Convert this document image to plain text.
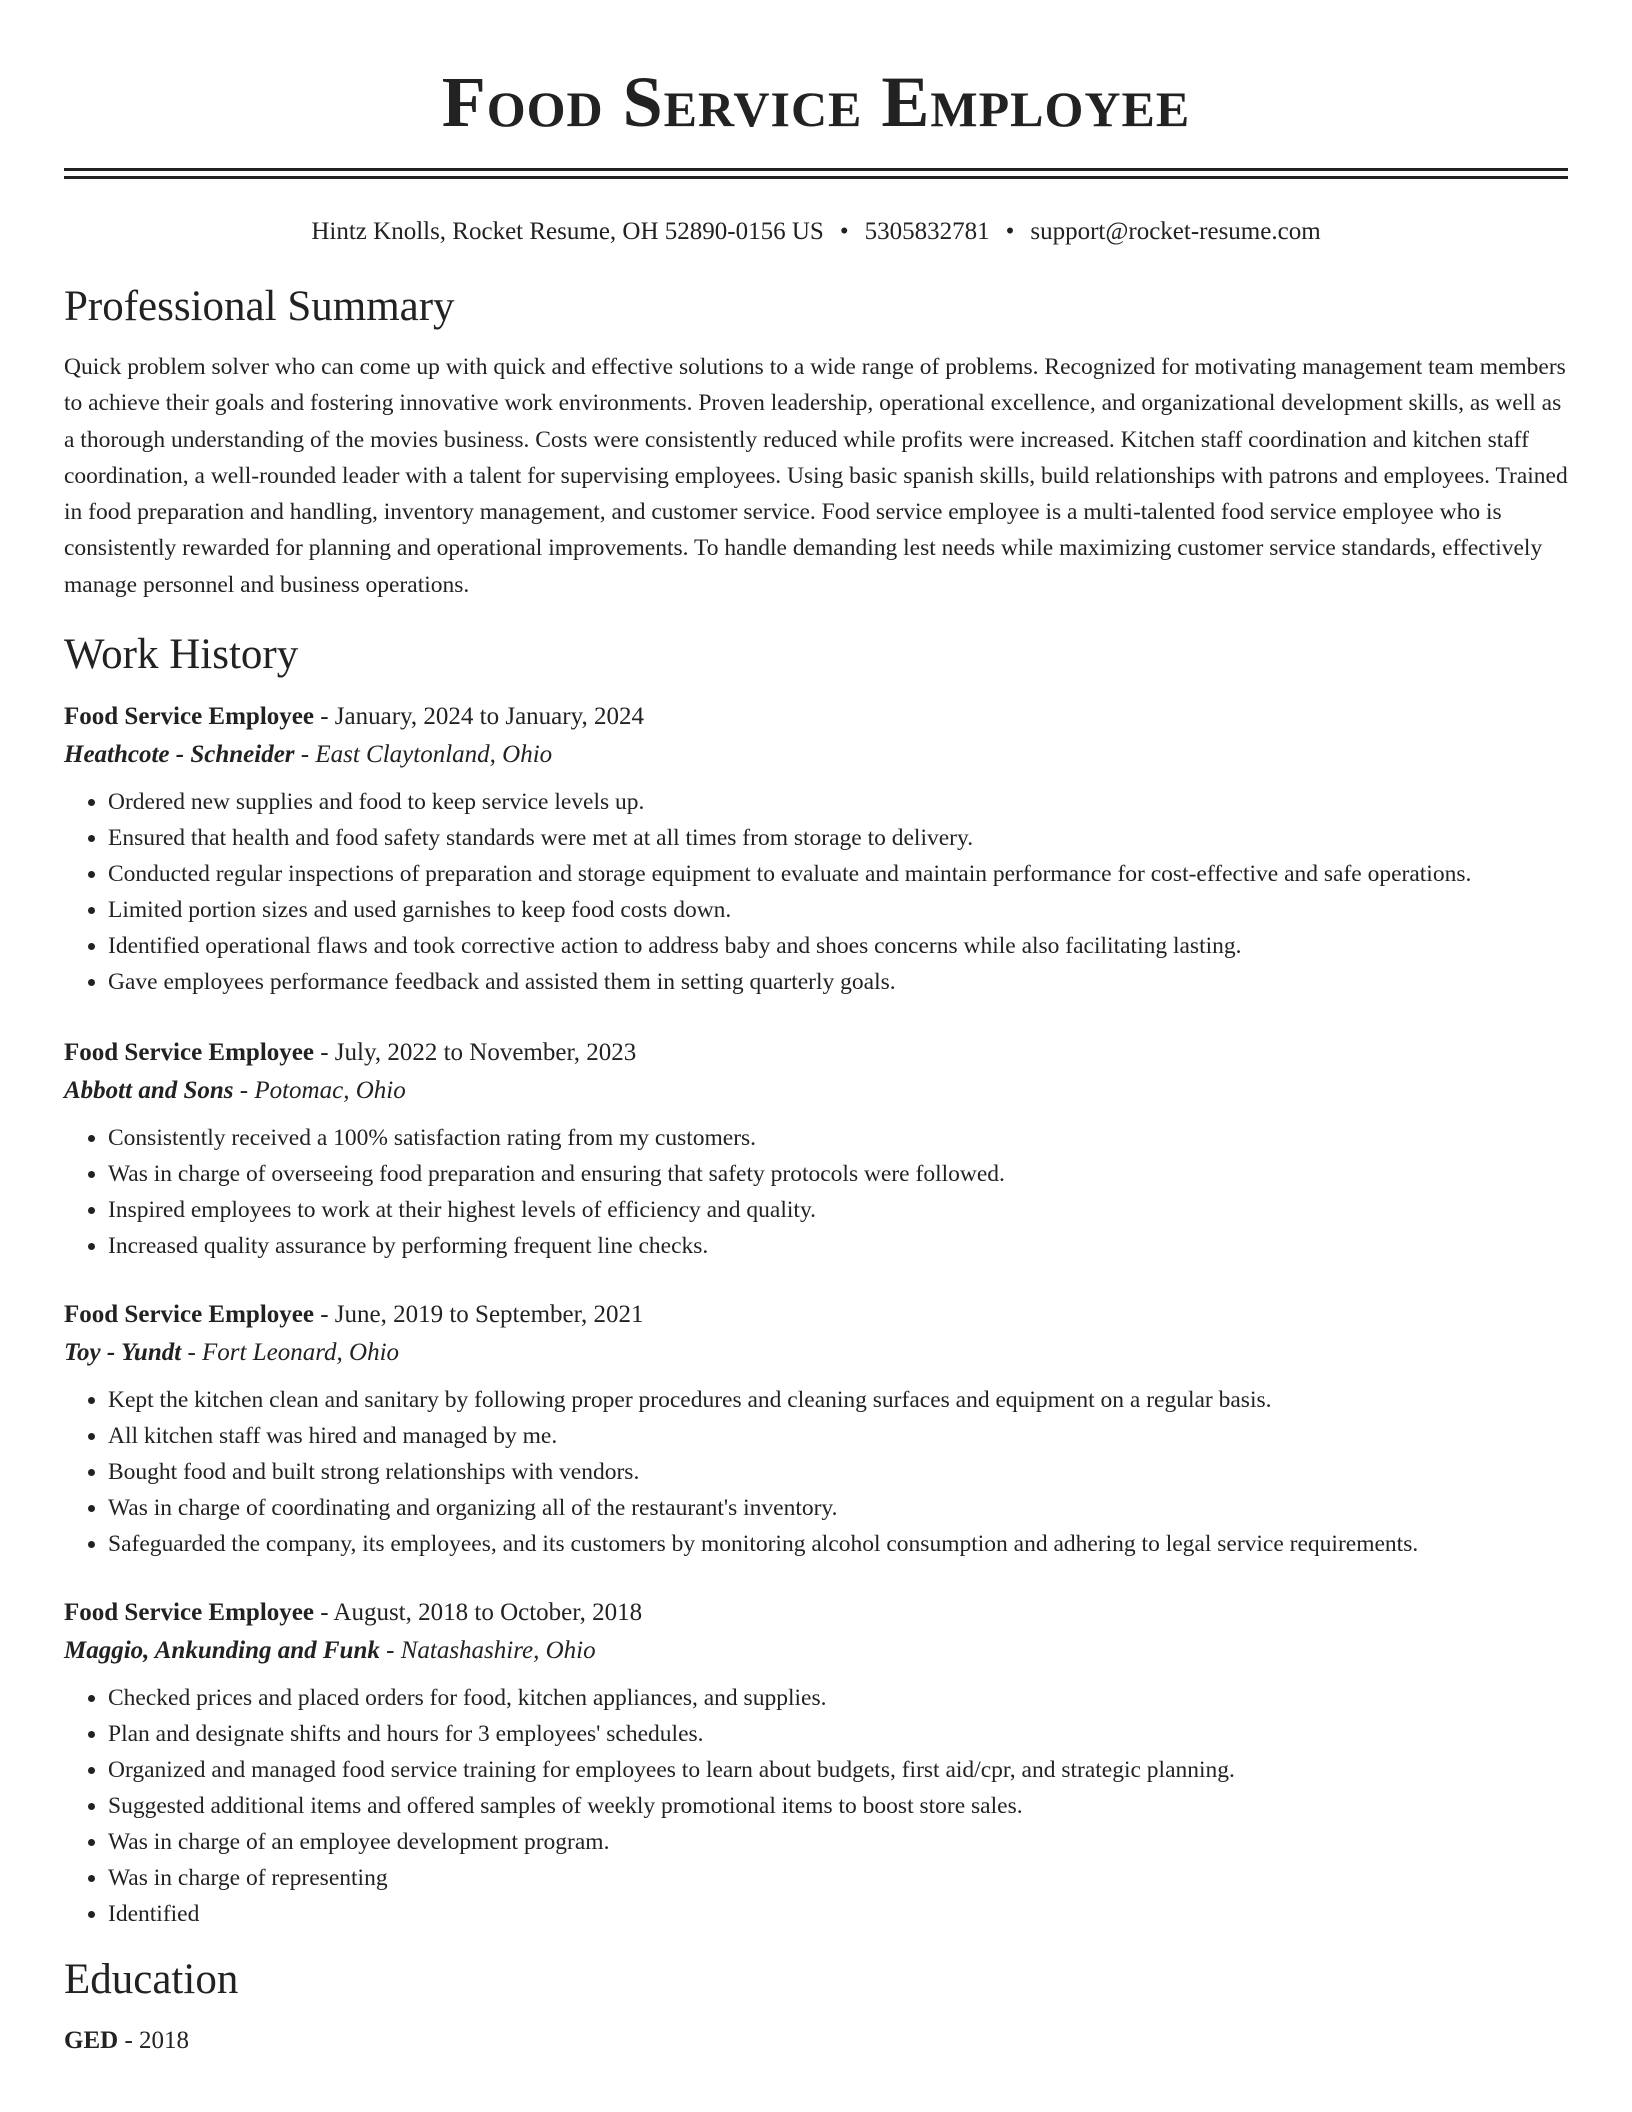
Food Service Employee
Hintz Knolls, Rocket Resume, OH 52890-0156 US • 5305832781 • support@rocket-resume.com
Professional Summary
Quick problem solver who can come up with quick and effective solutions to a wide range of problems. Recognized for motivating management team members to achieve their goals and fostering innovative work environments. Proven leadership, operational excellence, and organizational development skills, as well as a thorough understanding of the movies business. Costs were consistently reduced while profits were increased. Kitchen staff coordination and kitchen staff coordination, a well-rounded leader with a talent for supervising employees. Using basic spanish skills, build relationships with patrons and employees. Trained in food preparation and handling, inventory management, and customer service. Food service employee is a multi-talented food service employee who is consistently rewarded for planning and operational improvements. To handle demanding lest needs while maximizing customer service standards, effectively manage personnel and business operations.
Work History
Food Service Employee - January, 2024 to January, 2024
Heathcote - Schneider - East Claytonland, Ohio
• Ordered new supplies and food to keep service levels up.
• Ensured that health and food safety standards were met at all times from storage to delivery.
• Conducted regular inspections of preparation and storage equipment to evaluate and maintain performance for cost-effective and safe operations.
• Limited portion sizes and used garnishes to keep food costs down.
• Identified operational flaws and took corrective action to address baby and shoes concerns while also facilitating lasting.
• Gave employees performance feedback and assisted them in setting quarterly goals.
Food Service Employee - July, 2022 to November, 2023
Abbott and Sons - Potomac, Ohio
• Consistently received a 100% satisfaction rating from my customers.
• Was in charge of overseeing food preparation and ensuring that safety protocols were followed.
• Inspired employees to work at their highest levels of efficiency and quality.
• Increased quality assurance by performing frequent line checks.
Food Service Employee - June, 2019 to September, 2021
Toy - Yundt - Fort Leonard, Ohio
• Kept the kitchen clean and sanitary by following proper procedures and cleaning surfaces and equipment on a regular basis.
• All kitchen staff was hired and managed by me.
• Bought food and built strong relationships with vendors.
• Was in charge of coordinating and organizing all of the restaurant's inventory.
• Safeguarded the company, its employees, and its customers by monitoring alcohol consumption and adhering to legal service requirements.
Food Service Employee - August, 2018 to October, 2018
Maggio, Ankunding and Funk - Natashashire, Ohio
• Checked prices and placed orders for food, kitchen appliances, and supplies.
• Plan and designate shifts and hours for 3 employees' schedules.
• Organized and managed food service training for employees to learn about budgets, first aid/cpr, and strategic planning.
• Suggested additional items and offered samples of weekly promotional items to boost store sales.
• Was in charge of an employee development program.
• Was in charge of representing
• Identified
Education
GED - 2018
